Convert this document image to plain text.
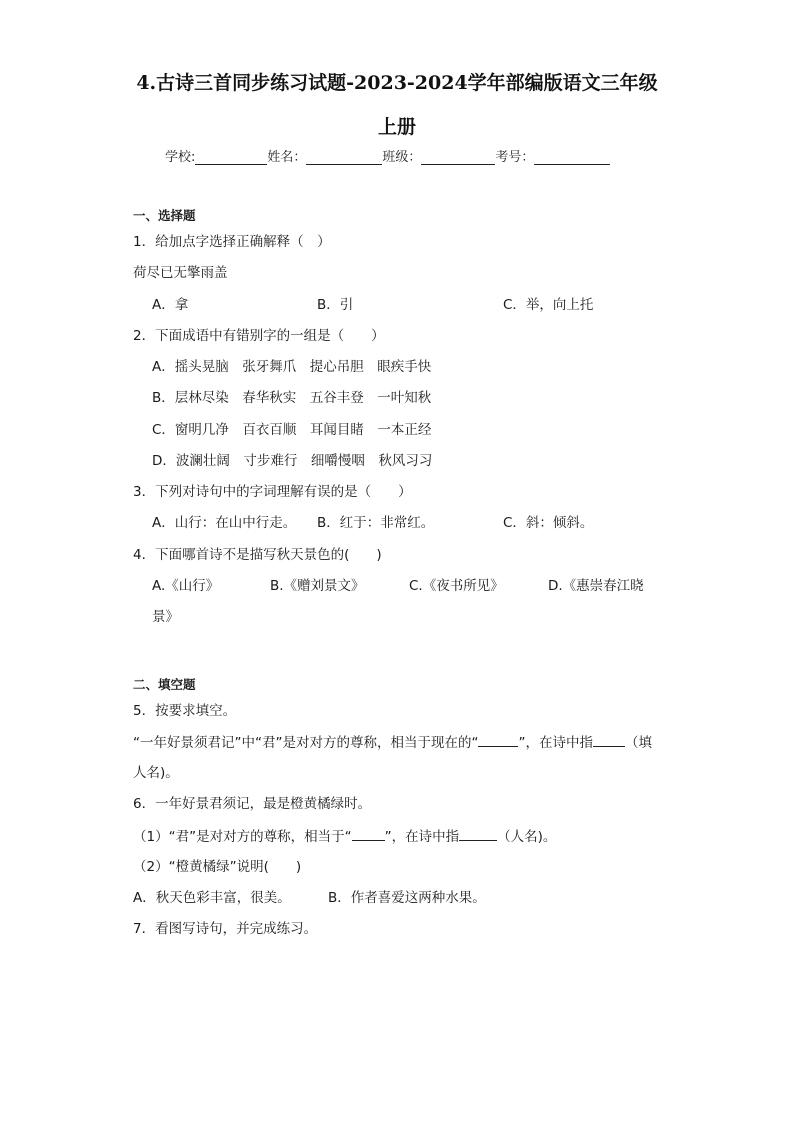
4.古诗三首同步练习试题-2023-2024学年部编版语文三年级
上册
学校:	姓名：	班级：	考号：
一、选择题
1．给加点字选择正确解释（　）
荷尽已无擎雨盖
A．拿	B．引	C．举，向上托
2．下面成语中有错别字的一组是（　　）
A．摇头晃脑　张牙舞爪　提心吊胆　眼疾手快
B．层林尽染　春华秋实　五谷丰登　一叶知秋
C．窗明几净　百衣百顺　耳闻目睹　一本正经
D．波澜壮阔　寸步难行　细嚼慢咽　秋风习习
3．下列对诗句中的字词理解有误的是（　　）
A．山行：在山中行走。 B．红于：非常红。	C．斜：倾斜。
4．下面哪首诗不是描写秋天景色的(　　)
A.《山行》	B.《赠刘景文》	C.《夜书所见》	D.《惠崇春江晓
景》
二、填空题
5．按要求填空。
“一年好景须君记”中“君”是对对方的尊称，相当于现在的“	”，在诗中指 （填
人名)。
6．一年好景君须记，最是橙黄橘绿时。
（1）“君”是对对方的尊称，相当于“ ”，在诗中指	（人名)。
（2）“橙黄橘绿”说明(　　)
A．秋天色彩丰富，很美。	B．作者喜爱这两种水果。
7．看图写诗句，并完成练习。
